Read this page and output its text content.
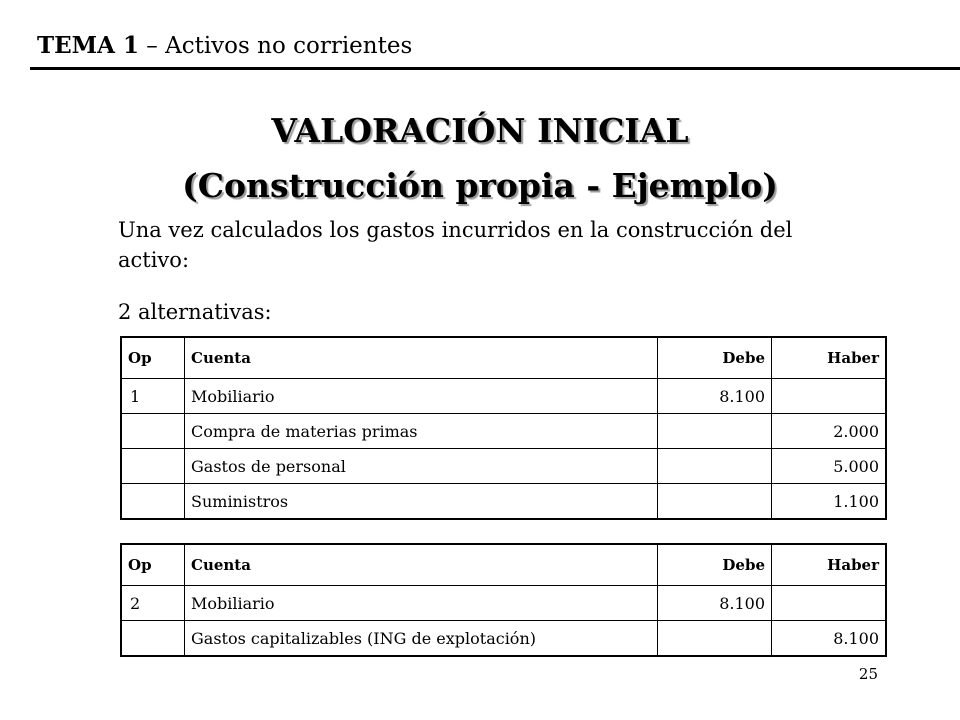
TEMA 1 – Activos no corrientes
VALORACIÓN INICIAL
(Construcción propia - Ejemplo)
Una vez calculados los gastos incurridos en la construcción del activo:
2 alternativas:
Op	Cuenta	Debe	Haber
1	Mobiliario	8.100	
	Compra de materias primas		2.000
	Gastos de personal		5.000
	Suministros		1.100
Op	Cuenta	Debe	Haber
2	Mobiliario	8.100	
	Gastos capitalizables (ING de explotación)		8.100
25
